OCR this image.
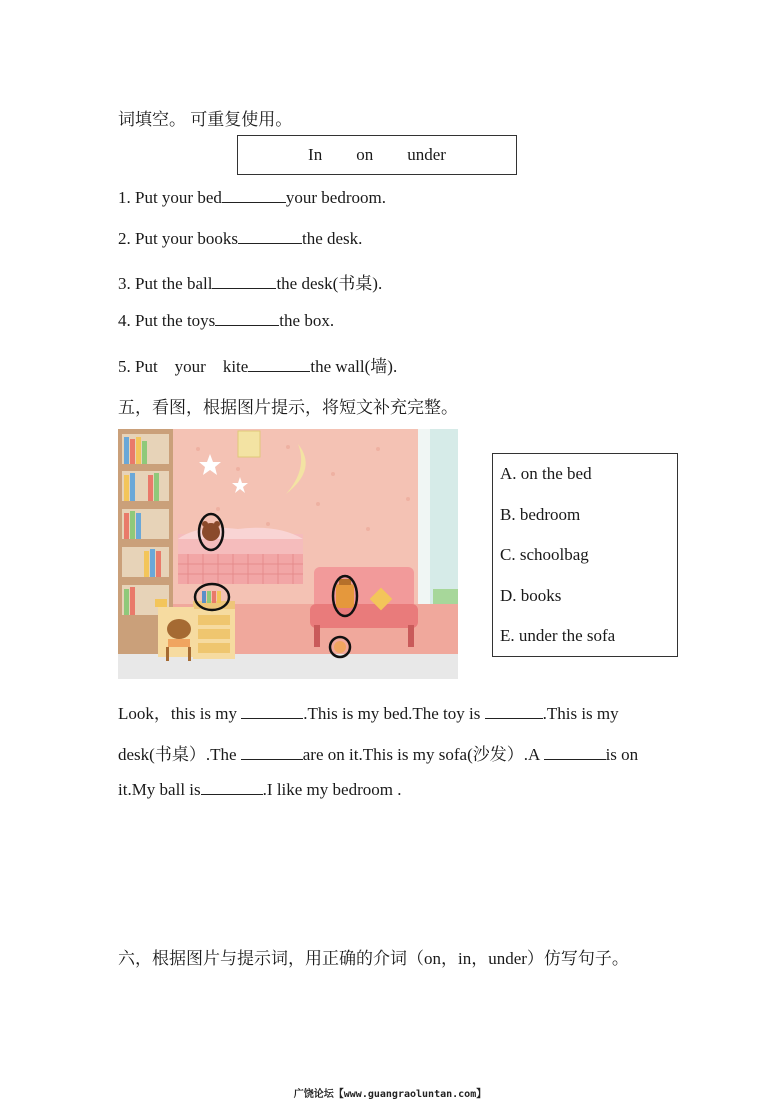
词填空。 可重复使用。
In on under
1. Put your bed	your bedroom.
2. Put your books	the desk.
3. Put the ball	the desk(书桌).
4. Put the toys	the box.
5. Put    your    kite	the wall(墙).
五，看图，根据图片提示，将短文补充完整。
A. on the bed
B. bedroom
C. schoolbag
D. books
E. under the sofa
Look，this is my	.This is my bed.The toy is	.This is my
desk(书桌）.The	are on it.This is my sofa(沙发）.A	is on
it.My ball is	.I like my bedroom .
六，根据图片与提示词，用正确的介词（on，in，under）仿写句子。
广饶论坛【www.guangraoluntan.com】
